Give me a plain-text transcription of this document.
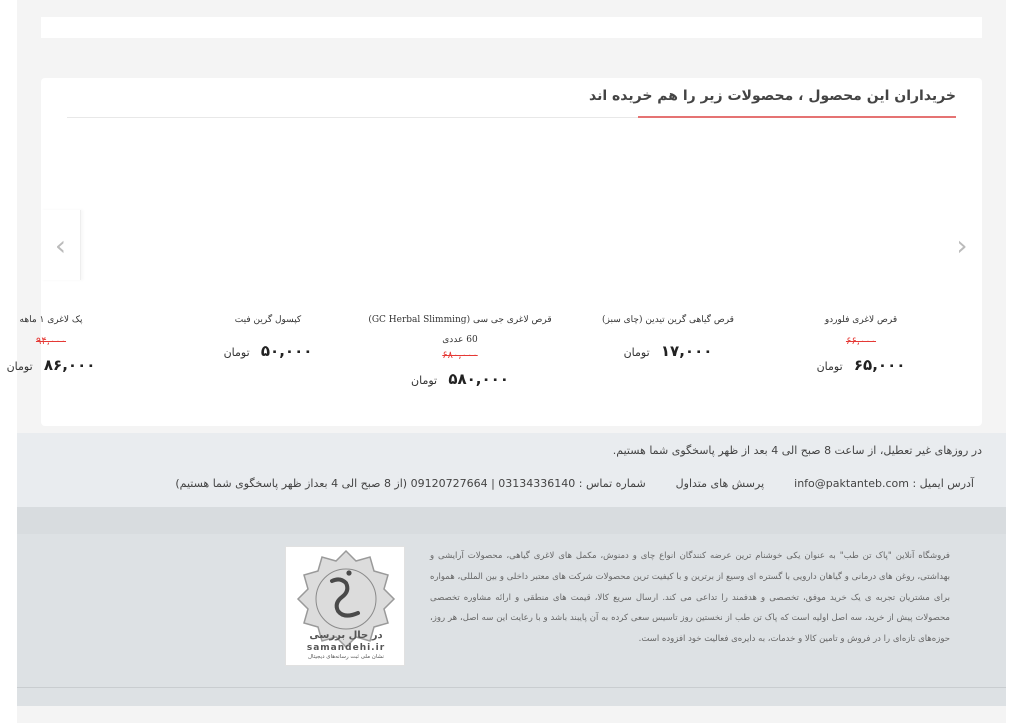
خریداران این محصول ، محصولات زیر را هم خریده اند
‹	›
قرص لاغری فلوردو
۶۶,۰۰۰
۶۵,۰۰۰ تومان
قرص گیاهی گرین تیدین (چای سبز)
۱۷,۰۰۰ تومان
قرص لاغری جی سی (GC Herbal Slimming)
60 عددی
۶۸۰,۰۰۰
۵۸۰,۰۰۰ تومان
کپسول گرین فیت
۵۰,۰۰۰ تومان
پک لاغری ۱ ماهه
۹۴,۰۰۰
۸۶,۰۰۰ تومان
در روزهای غیر تعطیل، از ساعت 8 صبح الی 4 بعد از ظهر پاسخگوی شما هستیم.
آدرس ایمیل : info@paktanteb.com
پرسش های متداول
شماره تماس : 03134336140 | 09120727664 (از 8 صبح الی 4 بعداز ظهر پاسخگوی شما هستیم)

فروشگاه آنلاین "پاک تن طب" به عنوان یکی خوشنام ترین عرضه کنندگان انواع چای و دمنوش، مکمل های لاغری گیاهی، محصولات آرایشی و بهداشتی، روغن های درمانی و گیاهان دارویی با گستره ای وسیع از برترین و با کیفیت ترین محصولات شرکت های معتبر داخلی و بین المللی، همواره برای مشتریان تجربه ی یک خرید موفق، تخصصی و هدفمند را تداعی می کند. ارسال سریع کالا، قیمت های منطقی و ارائه مشاوره تخصصی محصولات پیش از خرید، سه اصل اولیه است که پاک تن طب از نخستین روز تاسیس سعی کرده به آن پایبند باشد و با رعایت این سه اصل، هر روز، حوزه‌های تازه‌ای را در فروش و تامین کالا و خدمات، به دایره‌ی فعالیت خود افزوده است.

در حال بررسی
samandehi.ir
نشان ملی ثبت رسانه‌های دیجیتال
